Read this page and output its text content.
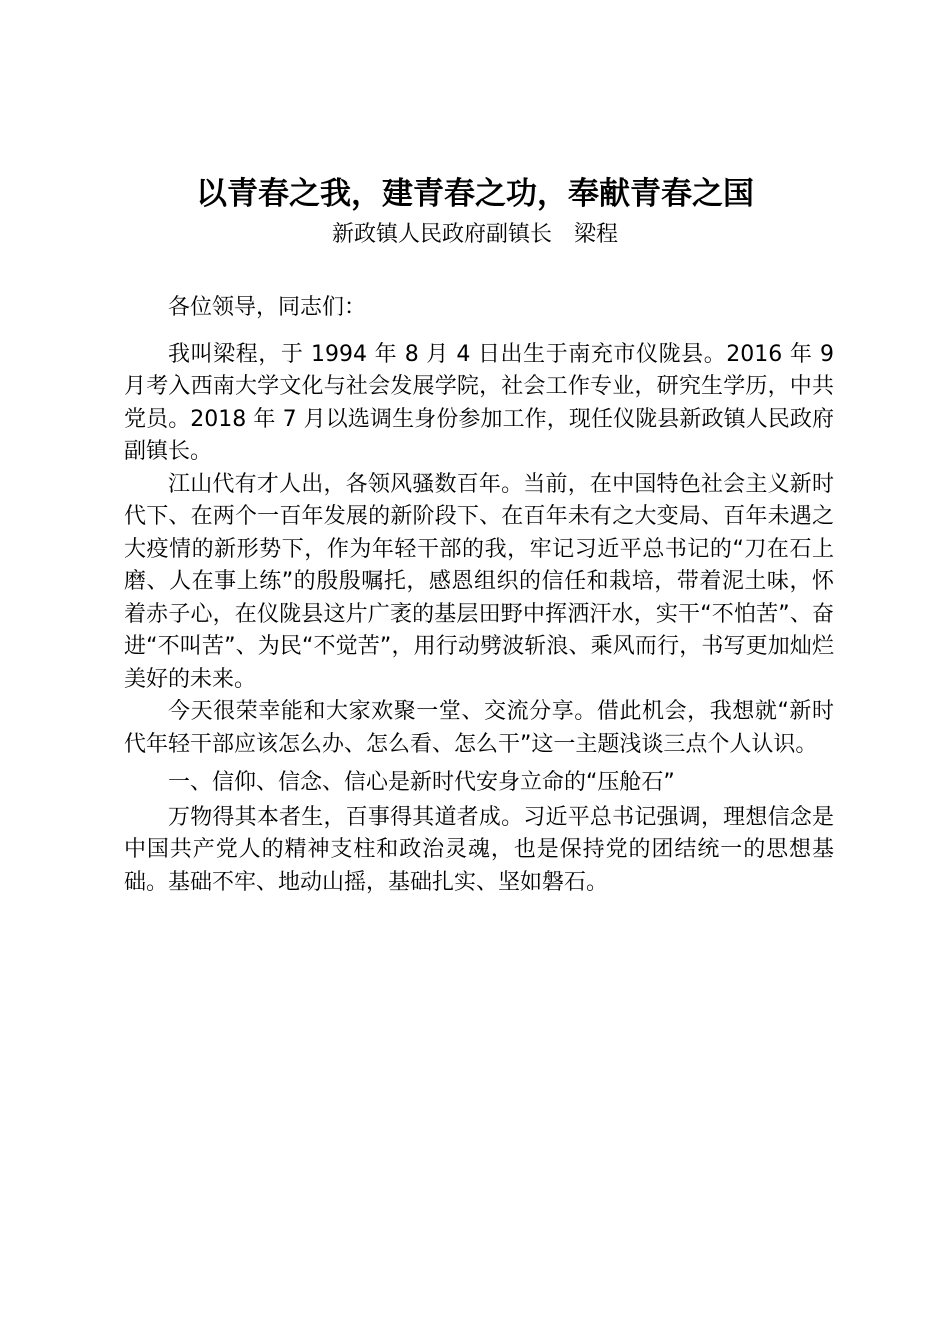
以青春之我，建青春之功，奉献青春之国
新政镇人民政府副镇长　梁程

各位领导，同志们：

我叫梁程，于 1994 年 8 月 4 日出生于南充市仪陇县。2016 年 9 月考入西南大学文化与社会发展学院，社会工作专业，研究生学历，中共党员。2018 年 7 月以选调生身份参加工作，现任仪陇县新政镇人民政府副镇长。

江山代有才人出，各领风骚数百年。当前，在中国特色社会主义新时代下、在两个一百年发展的新阶段下、在百年未有之大变局、百年未遇之大疫情的新形势下，作为年轻干部的我，牢记习近平总书记的“刀在石上磨、人在事上练”的殷殷嘱托，感恩组织的信任和栽培，带着泥土味，怀着赤子心，在仪陇县这片广袤的基层田野中挥洒汗水，实干“不怕苦”、奋进“不叫苦”、为民“不觉苦”，用行动劈波斩浪、乘风而行，书写更加灿烂美好的未来。

今天很荣幸能和大家欢聚一堂、交流分享。借此机会，我想就“新时代年轻干部应该怎么办、怎么看、怎么干”这一主题浅谈三点个人认识。

一、信仰、信念、信心是新时代安身立命的“压舱石”

万物得其本者生，百事得其道者成。习近平总书记强调，理想信念是中国共产党人的精神支柱和政治灵魂，也是保持党的团结统一的思想基础。基础不牢、地动山摇，基础扎实、坚如磐石。
